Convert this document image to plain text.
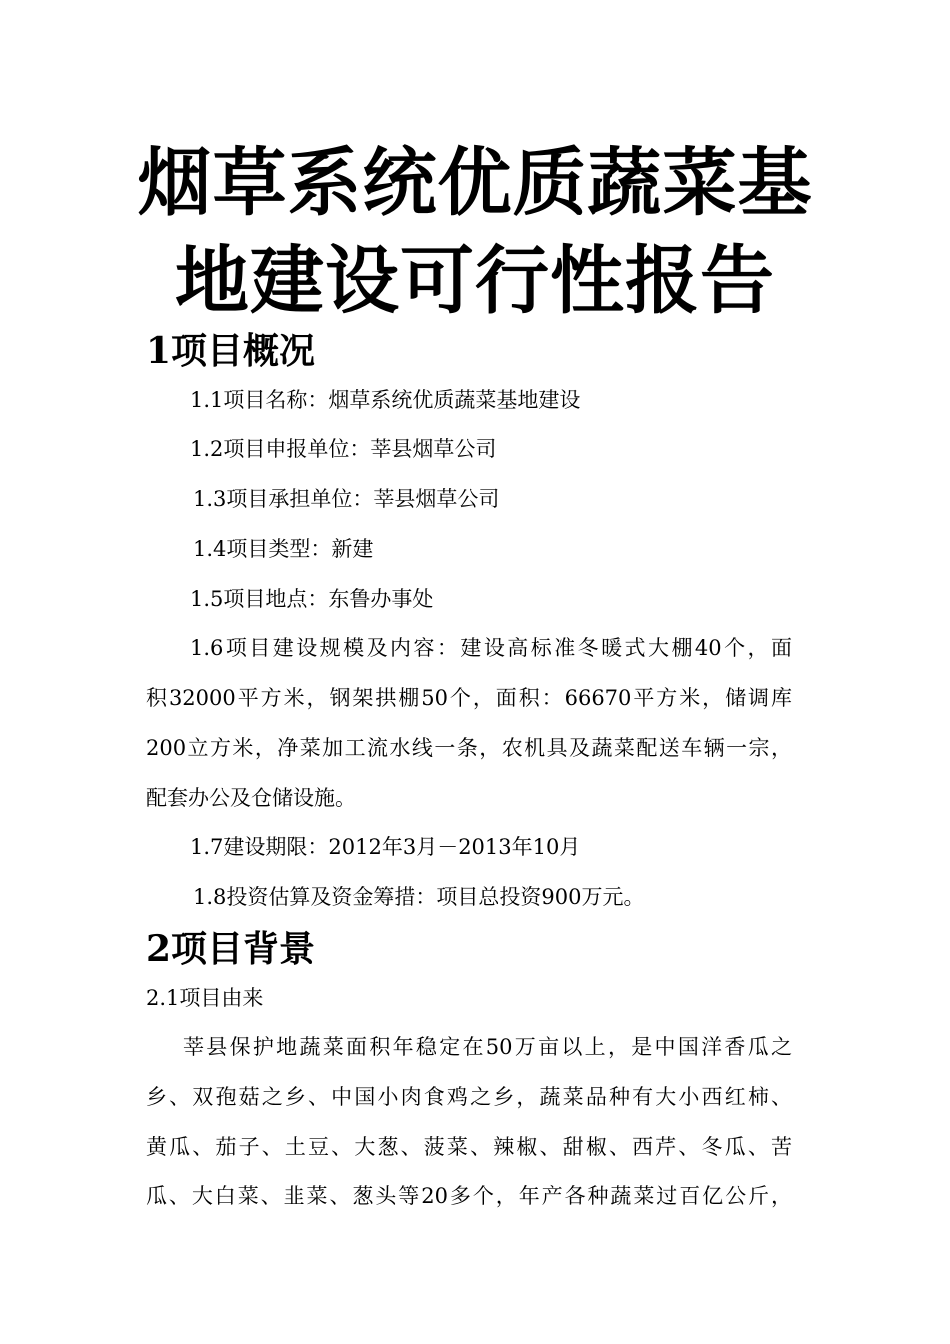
烟草系统优质蔬菜基
地建设可行性报告
1项目概况
1.1项目名称：烟草系统优质蔬菜基地建设
1.2项目申报单位：莘县烟草公司
1.3项目承担单位：莘县烟草公司
1.4项目类型：新建
1.5项目地点：东鲁办事处
1.6项目建设规模及内容：建设高标准冬暖式大棚40个，面
积32000平方米，钢架拱棚50个，面积：66670平方米，储调库
200立方米，净菜加工流水线一条，农机具及蔬菜配送车辆一宗，
配套办公及仓储设施。
1.7建设期限：2012年3月－2013年10月
1.8投资估算及资金筹措：项目总投资900万元。
2项目背景
2.1项目由来
莘县保护地蔬菜面积年稳定在50万亩以上，是中国洋香瓜之
乡、双孢菇之乡、中国小肉食鸡之乡，蔬菜品种有大小西红柿、
黄瓜、茄子、土豆、大葱、菠菜、辣椒、甜椒、西芹、冬瓜、苦
瓜、大白菜、韭菜、葱头等20多个，年产各种蔬菜过百亿公斤，
